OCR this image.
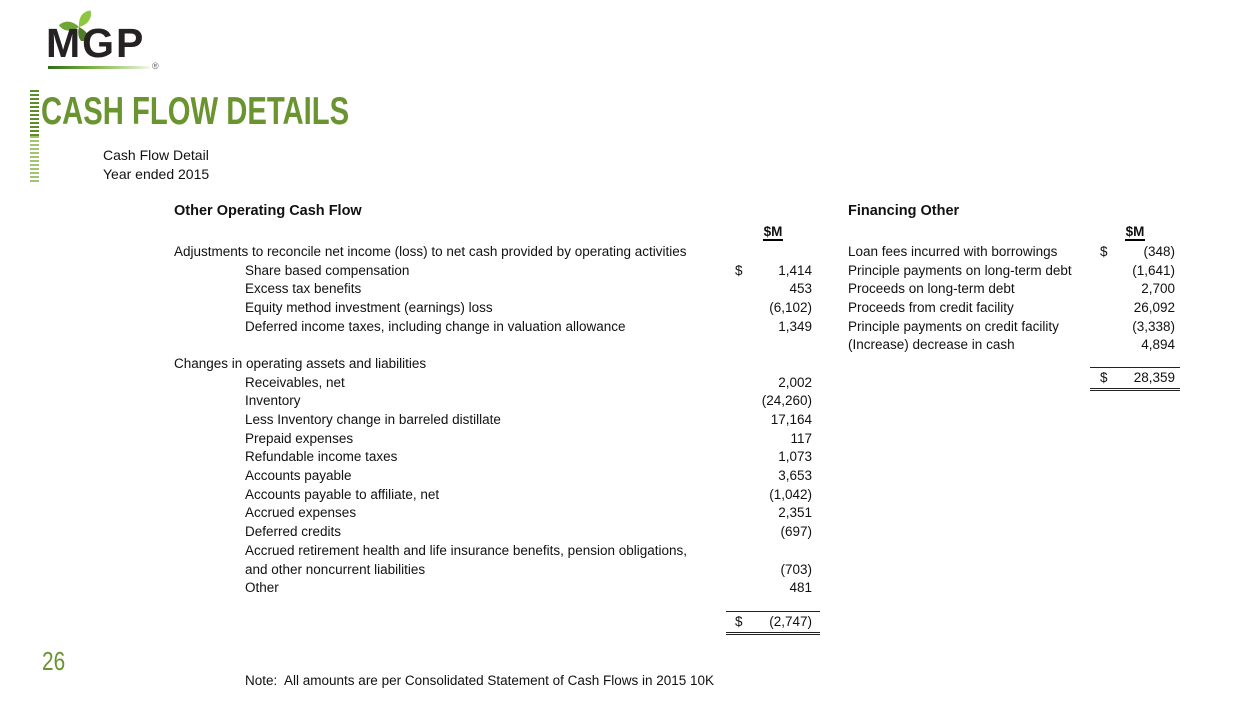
MGP ®
CASH FLOW DETAILS
Cash Flow Detail
Year ended 2015
Other Operating Cash Flow
$M
Adjustments to reconcile net income (loss) to net cash provided by operating activities
Share based compensation	$	1,414
Excess tax benefits	453
Equity method investment (earnings) loss	(6,102)
Deferred income taxes, including change in valuation allowance	1,349
Changes in operating assets and liabilities
Receivables, net	2,002
Inventory	(24,260)
Less Inventory change in barreled distillate	17,164
Prepaid expenses	117
Refundable income taxes	1,073
Accounts payable	3,653
Accounts payable to affiliate, net	(1,042)
Accrued expenses	2,351
Deferred credits	(697)
Accrued retirement health and life insurance benefits, pension obligations,
and other noncurrent liabilities	(703)
Other	481
$ (2,747)
Financing Other
$M
Loan fees incurred with borrowings	$	(348)
Principle payments on long-term debt	(1,641)
Proceeds on long-term debt	2,700
Proceeds from credit facility	26,092
Principle payments on credit facility	(3,338)
(Increase) decrease in cash	4,894
$ 28,359
26
Note:  All amounts are per Consolidated Statement of Cash Flows in 2015 10K
